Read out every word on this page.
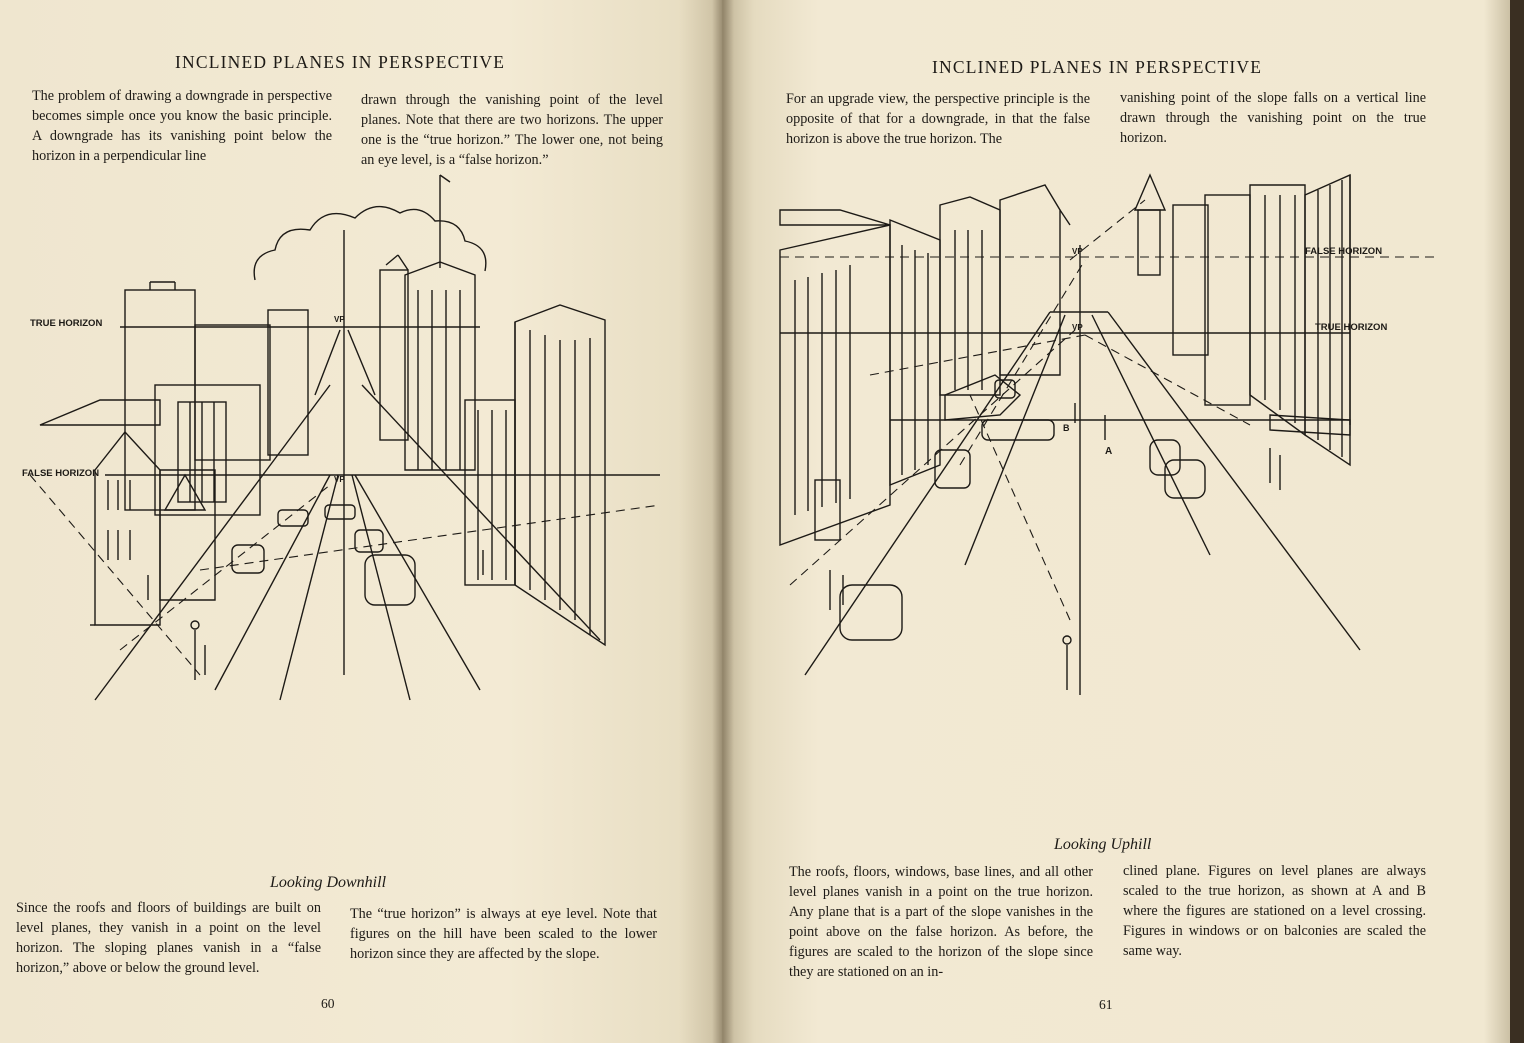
INCLINED PLANES IN PERSPECTIVE
The problem of drawing a downgrade in perspective becomes simple once you know the basic principle. A downgrade has its vanishing point below the horizon in a perpendicular line
drawn through the vanishing point of the level planes. Note that there are two horizons. The upper one is the “true horizon.” The lower one, not being an eye level, is a “false horizon.”
TRUE HORIZON
FALSE HORIZON
VP
VP
Looking Downhill
Since the roofs and floors of buildings are built on level planes, they vanish in a point on the level horizon. The sloping planes vanish in a “false horizon,” above or below the ground level.
The “true horizon” is always at eye level. Note that figures on the hill have been scaled to the lower horizon since they are affected by the slope.
60
INCLINED PLANES IN PERSPECTIVE
For an upgrade view, the perspective principle is the opposite of that for a downgrade, in that the false horizon is above the true horizon. The
vanishing point of the slope falls on a vertical line drawn through the vanishing point on the true horizon.
FALSE HORIZON
TRUE HORIZON
VP
VP
A
B
Looking Uphill
The roofs, floors, windows, base lines, and all other level planes vanish in a point on the true horizon. Any plane that is a part of the slope vanishes in the point above on the false horizon. As before, the figures are scaled to the horizon of the slope since they are stationed on an in-
clined plane. Figures on level planes are always scaled to the true horizon, as shown at A and B where the figures are stationed on a level crossing. Figures in windows or on balconies are scaled the same way.
61
